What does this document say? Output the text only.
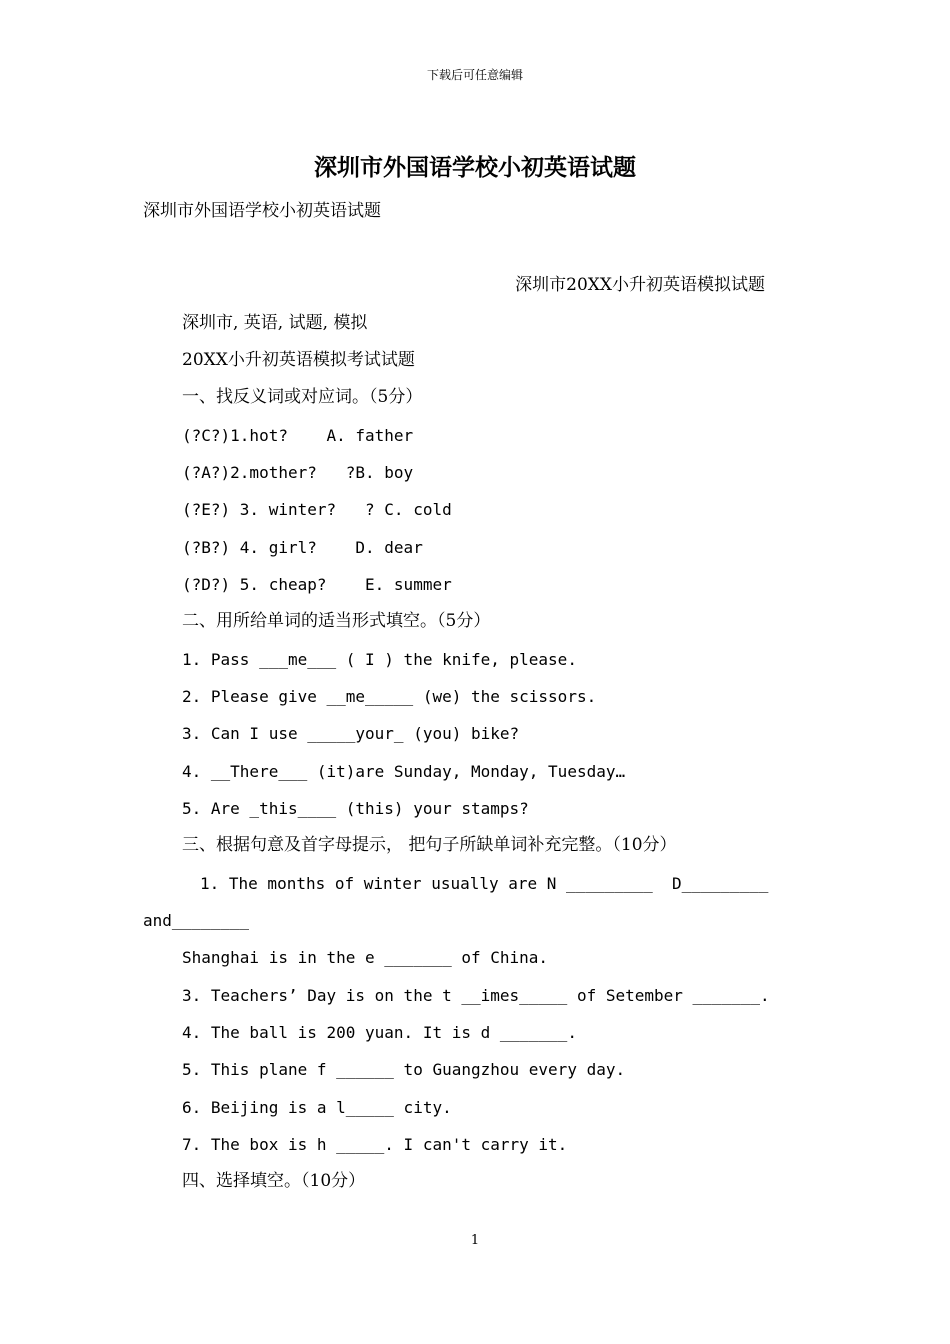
下载后可任意编辑
深圳市外国语学校小初英语试题
深圳市外国语学校小初英语试题
深圳市20XX小升初英语模拟试题
深圳市, 英语, 试题, 模拟
20XX小升初英语模拟考试试题
一、找反义词或对应词。（5分）
(?C?)1.hot?    A. father
(?A?)2.mother?   ?B. boy
(?E?) 3. winter?   ? C. cold
(?B?) 4. girl?    D. dear
(?D?) 5. cheap?    E. summer
二、用所给单词的适当形式填空。（5分）
1. Pass ___me___ ( I ) the knife, please.
2. Please give __me_____ (we) the scissors.
3. Can I use _____your_ (you) bike?
4. __There___ (it)are Sunday, Monday, Tuesday…
5. Are _this____ (this) your stamps?
三、根据句意及首字母提示， 把句子所缺单词补充完整。（10分）
1. The months of winter usually are N _________  D_________
and________
Shanghai is in the e _______ of China.
3. Teachers’ Day is on the t __imes_____ of Setember _______.
4. The ball is 200 yuan. It is d _______.
5. This plane f ______ to Guangzhou every day.
6. Beijing is a l_____ city.
7. The box is h _____. I can't carry it.
四、选择填空。（10分）
1
